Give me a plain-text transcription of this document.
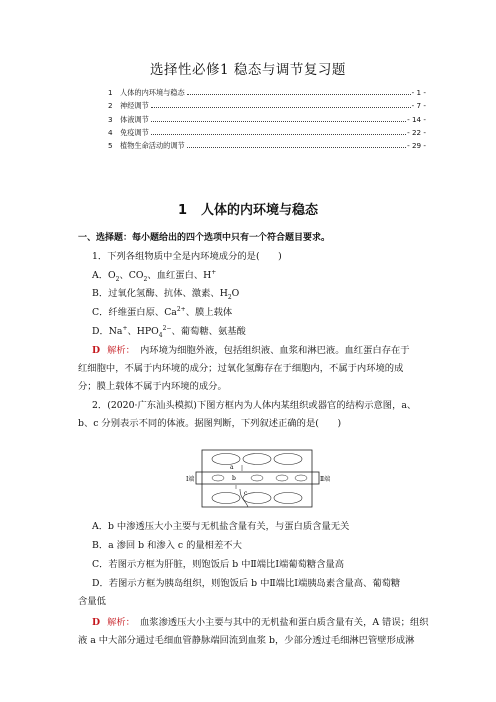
选择性必修1 稳态与调节复习题
1	人体的内环境与稳态	- 1 -
2	神经调节	- 7 -
3	体液调节	- 14 -
4	免疫调节	- 22 -
5	植物生命活动的调节	- 29 -
1 人体的内环境与稳态
一、选择题：每小题给出的四个选项中只有一个符合题目要求。
1．下列各组物质中全是内环境成分的是(　　)
A．$O_2$、$CO_2$、血红蛋白、H+
B．过氧化氢酶、抗体、激素、$H_2O$
C．纤维蛋白原、$Ca^{2+}$、膜上载体
D．Na+、$HPO_4^{2-}$、葡萄糖、氨基酸
D 解析： 内环境为细胞外液，包括组织液、血浆和淋巴液。血红蛋白存在于
红细胞中，不属于内环境的成分；过氧化氢酶存在于细胞内，不属于内环境的成
分；膜上载体不属于内环境的成分。
2．(2020·广东汕头模拟)下图方框内为人体内某组织或器官的结构示意图，a、
b、c 分别表示不同的体液。据图判断，下列叙述正确的是(　　)
Ⅰ端	Ⅱ端
a
b
c
A．b 中渗透压大小主要与无机盐含量有关，与蛋白质含量无关
B．a 渗回 b 和渗入 c 的量相差不大
C．若图示方框为肝脏，则饱饭后 b 中Ⅱ端比Ⅰ端葡萄糖含量高
D．若图示方框为胰岛组织，则饱饭后 b 中Ⅱ端比Ⅰ端胰岛素含量高、葡萄糖
含量低
D 解析： 血浆渗透压大小主要与其中的无机盐和蛋白质含量有关，A 错误；组织
液 a 中大部分通过毛细血管静脉端回流到血浆 b，少部分透过毛细淋巴管壁形成淋
